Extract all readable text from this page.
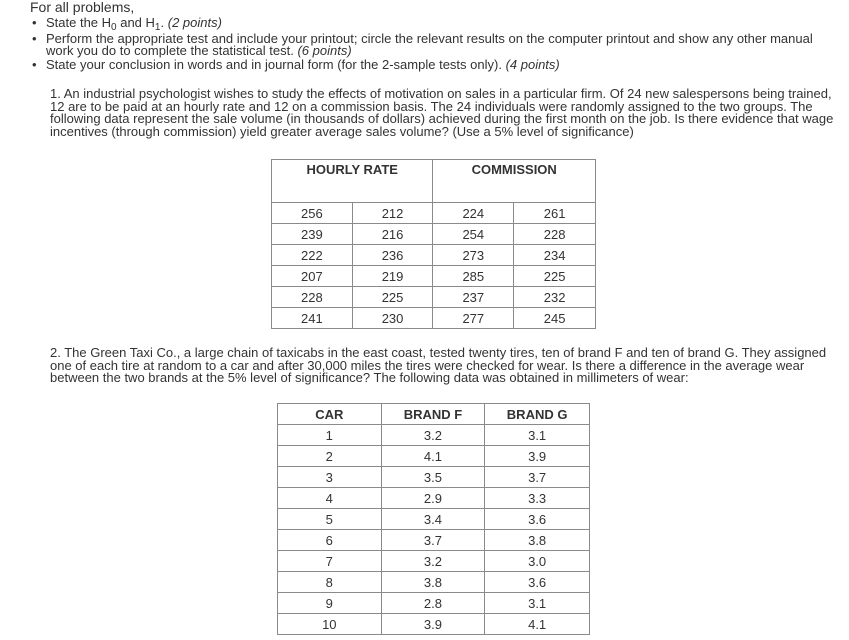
For all problems,
• State the $H_0$ and $H_1$. (2 points)
• Perform the appropriate test and include your printout; circle the relevant results on the computer printout and show any other manual work you do to complete the statistical test. (6 points)
• State your conclusion in words and in journal form (for the 2-sample tests only). (4 points)
1. An industrial psychologist wishes to study the effects of motivation on sales in a particular firm. Of 24 new salespersons being trained, 12 are to be paid at an hourly rate and 12 on a commission basis. The 24 individuals were randomly assigned to the two groups. The following data represent the sale volume (in thousands of dollars) achieved during the first month on the job. Is there evidence that wage incentives (through commission) yield greater average sales volume? (Use a 5% level of significance)
HOURLY RATE		COMMISSION	
256	212	224	261
239	216	254	228
222	236	273	234
207	219	285	225
228	225	237	232
241	230	277	245
2. The Green Taxi Co., a large chain of taxicabs in the east coast, tested twenty tires, ten of brand F and ten of brand G. They assigned one of each tire at random to a car and after 30,000 miles the tires were checked for wear. Is there a difference in the average wear between the two brands at the 5% level of significance? The following data was obtained in millimeters of wear:
CAR	BRAND F	BRAND G
1	3.2	3.1
2	4.1	3.9
3	3.5	3.7
4	2.9	3.3
5	3.4	3.6
6	3.7	3.8
7	3.2	3.0
8	3.8	3.6
9	2.8	3.1
10	3.9	4.1
